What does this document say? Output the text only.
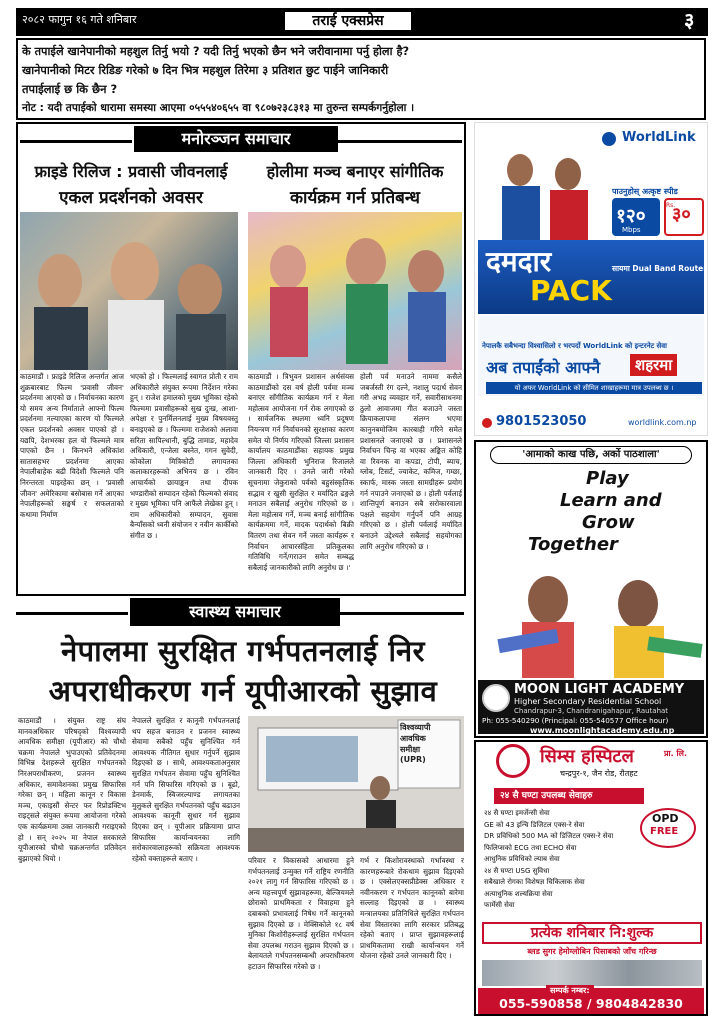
२०८२ फागुन १६ गते शनिबार	तराई एक्सप्रेस	३
के तपाईले खानेपानीको महशुल तिर्नु भयो ? यदी तिर्नु भएको छैन भने जरीवानामा पर्नु होला है?
खानेपानीको मिटर रिडिङ गरेको ७ दिन भित्र महशुल तिरेमा ३ प्रतिशत छुट पाईने जानिकारी
तपाईलाई छ कि छैन ?
नोट : यदी तपाईको धारामा समस्या आएमा ०५५५४०६५५ वा ९८०७२३८३१३ मा तुरुन्त सम्पर्कगर्नुहोला ।
मनोरञ्जन समाचार
फ्राइडे रिलिज : प्रवासी जीवनलाई
एकल प्रदर्शनको अवसर
होलीमा मञ्च बनाएर सांगीतिक
कार्यक्रम गर्न प्रतिबन्ध
काठमाडौं । फ्राइडे रिलिज अन्तर्गत आज शुक्रबारबाट फिल्म 'प्रवासी जीवन' प्रदर्शनमा आएको छ । निर्वाचनका कारण यो समय अन्य निर्माताले आफ्नो फिल्म प्रदर्शनमा नल्याएका कारण यो फिल्मले एकल प्रदर्शनको अवसर पाएको हो । यद्यपि, देशभरका हल यो फिल्मले मात्र पाएको छैन । किनभने अधिकांश सातासहभर प्रदर्शनमा आएका नेपालीबाहेक बढी विदेशी फिल्मले पनि निरन्तरता पाइरहेका छन् । 'प्रवासी जीवन' अमेरिकामा बसोबास गर्ने आएका नेपालीहरूको सङ्घर्ष र सफलताको कथामा निर्माण
भएको हो । फिल्मलाई स्वागत प्रोती र राम अधिकारीले संयुक्त रूपमा निर्देशन गरेका हुन् । राजेश हमालको मुख्य भूमिका रहेको फिल्ममा प्रवासीहरूको सुख दुःख, आशा-अपेक्षा र पुनर्मिलनलाई मुख्य विषयवस्तु बनाइएको छ । फिल्ममा राजेशको अलावा सरिता सापिल्धानी, बुद्धि तामाङ, महादेव अधिकारी, एन्जेला बस्नेत, गगन सुवेदी, कोकोला मित्रिकोटी लगायतका कलाकारहरूको अभिनय छ । रविन आचार्यको छायाङ्कन तथा दीपक भण्डारीको सम्पादन रहेको फिल्मको संवाद र मुख्य भूमिका पनि आफैंले लेखेका हुन् । राम अधिकारीको सम्पादन, सुवास बैन्याँसको ध्वनी संयोजन र नवीन कार्कीको संगीत छ ।
काठमाडौं । त्रिभुवन प्रशासन अर्थसंयस काठमाडौंको दस वर्ष होली पर्वमा मञ्च बनाएर साँगीतिक कार्यक्रम गर्न र मेला महोत्सव आयोजना गर्न रोक लगाएको छ । सार्वजनिक स्थलमा ध्वनि प्रदूषण नियन्त्रण गर्न निर्वाचनको सुरक्षाका कारण समेत यो निर्णय गरिएको जिल्ला प्रशासन कार्यालय काठमाडौंका सहायक प्रमुख जिल्ला अधिकारी भुनिराज रिजालले जानकारी दिए । उनले जारी गरेको सूचनामा जेकुराको पर्वको बहुसंस्कृतिक सद्भाव र खुसी सुरक्षित र मर्यादित ढङ्गले मनाउन सबैलाई अनुरोध गरिएको छ । मेला महोत्सव गर्ने, मञ्च बनाई सांगीतिक कार्यक्रममा गर्ने, मादक पदार्थको बिक्री वितरण तथा सेवन गर्ने जस्ता कार्यहरू र निर्वाचन आचारसंहिता प्रतिकूलका गतिविधि गर्ने/गराउन समेत सम्बद्ध सबैलाई जानकारीको लागि अनुरोध छ ।'
होली पर्व मनाउने नाममा कसैले जबर्जस्ती रंग दल्ने, नशालु पदार्थ सेवन गरी अभद्र व्यवहार गर्ने, सवारीसाधनमा ठुलो आवाजमा गीत बजाउने जस्ता क्रियाकलापमा संलग्न भएमा कानुनबमोजिम कारबाही गरिने समेत प्रशासनले जनाएको छ । प्रशासनले निर्वाचन चिन्ह वा भएका अङ्कित कोहि वा रिवनक वा कपडा, टोपी, ब्याच, ग्लोब, टिसर्ट, ज्याकेट, कमिज, गम्छा, स्कार्फ, मास्क जस्ता सामग्रीहरू प्रयोग गर्न नपाउने जनाएको छ । होली पर्वलाई शान्तिपूर्ण बनाउन सबै सरोकारवाला पक्षले सहयोग गर्नुपर्ने पनि आग्रह गरिएको छ । होली पर्वलाई मर्यादित बनाउने उद्देश्यले सबैलाई सहयोगका लागि अनुरोध गरिएको छ ।
स्वास्थ्य समाचार
नेपालमा सुरक्षित गर्भपतनलाई निर
अपराधीकरण गर्न यूपीआरको सुझाव
काठमाडौं । संयुक्त राष्ट्र संघ मानवअधिकार परिषद्को विश्वव्यापी आवधिक समीक्षा (यूपीआर) को चौथो चक्रमा नेपालले भुपाउएको प्रतिवेदनमा विभिन्न देशहरूले सुरक्षित गर्भपतनको निरअपराधीकरण, प्रजनन स्वास्थ्य अधिकार, समावेशनका प्रमुख सिफारिस गरेका छन् । महिला कानून र विकास मञ्च, एकाइसौं सेन्टर फर रिप्रोडक्टिभ राइट्सले संयुक्त रूपमा आयोजना गरेको एक कार्यक्रममा उक्त जानकारी गराइएको हो । सन् २०२५ मा नेपाल सरकारले यूपीआरको चौथो चक्रअन्तर्गत प्रतिवेदन बुझाएको थियो ।
नेपालले सुरक्षित र कानूनी गर्भपतनलाई थप सहज बनाउन र प्रजनन स्वास्थ्य सेवामा सबैको पहुँच सुनिश्चित गर्न आवश्यक नीतिगत सुधार गर्नुपर्ने सुझाव दिइएको छ । साथै, आवश्यकताअनुसार सुरक्षित गर्भपतन सेवामा पहुँच सुनिश्चित गर्न पनि सिफारिस गरिएको छ । बूढो, डेनमार्क, स्विजरल्याण्ड लगायतका मुलुकले सुरक्षित गर्भपतनको पहुँच बढाउन आवश्यक कानूनी सुधार गर्न सुझाव दिएका छन् । यूपीआर प्रक्रियामा प्राप्त सिफारिस कार्यान्वयनका लागि सरोकारवालाहरूको सक्रियता आवश्यक रहेको वक्ताहरूले बताए ।
विश्वव्यापी
आवधिक
समीक्षा
(UPR)
परिवार र विकासको आधारमा हुने गर्भपतनलाई उन्मुक्त गर्ने राष्ट्रिय रणनीति २०२१ लागु गर्न सिफारिस गरिएको छ । अन्य महत्त्वपूर्ण सुझावहरूमा, बेल्जियमले छोराको प्राथमिकता र विवाहमा हुने दबाबको प्रभावलाई निषेध गर्ने कानूनको सुझाव दिएको छ । मेक्सिकोले १८ वर्ष मुनिका किशोरीहरूलाई सुरक्षित गर्भपतन सेवा उपलब्ध गराउन सुझाव दिएको छ । बेलायतले गर्भपतनसम्बन्धी अपराधीकरण हटाउन सिफारिस गरेको छ ।
गर्भ र किशोरावस्थाको गर्भावस्था र कारणहरूबारे रोकथाम सुझाव दिइएको छ । एक्सेलएक्सप्रीडेक्स अधिकार र नवीनकरण र गर्भपतन कानूनको बारेमा सल्लाह दिइएको छ । स्वास्थ्य मन्त्रालयका प्रतिनिधिले सुरक्षित गर्भपतन सेवा विस्तारका लागि सरकार प्रतिबद्ध रहेको बताए । प्राप्त सुझावहरूलाई प्राथमिकतामा राखी कार्यान्वयन गर्ने योजना रहेको उनले जानकारी दिए ।
WorldLink
पाउनुहोस् अत्कृष्ट स्पीड
१२०
Mbps
३०
Rs.
दमदार
PACK
सायमा Dual Band Router पनि
नेपालकै सबैभन्दा विश्वासिलो र भरपर्दो WorldLink को इन्टरनेट सेवा
अब तपाईंको आफ्नै	शहरमा
यो अफर WorldLink को सीमित शाखाहरूमा मात्र उपलब्ध छ ।
9801523050	worldlink.com.np
'आमाको काख पछि, अर्को पाठशाला'
Play
Learn and
Grow
Together
MOON LIGHT ACADEMY
Higher Secondary Residential School
Chandrapur-3, Chandranigahapur, Rautahat
Ph: 055-540290 (Principal: 055-540577 Office hour)
www.moonlightacademy.edu.np
सिम्स हस्पिटल	प्रा. लि.
चन्द्रपुर-१, जैन रोड, रौतहट
२४ सै घण्टा उपलब्ध सेवाहरु
OPD
FREE
२४ सै घण्टा इमर्जेन्सी सेवा
GE को 43 इन्चि डिजिटल एक्स-रे सेवा
DR प्रविधिको 500 MA को डिजिटल एक्स-रे सेवा
फिलिप्सको ECG तथा ECHO सेवा
आधुनिक प्रविधिको ल्याब सेवा
२४ सै घण्टा USG सुविधा
सबैखाले रोगका विशेषज्ञ चिकित्सक सेवा
अत्याधुनिक शल्यक्रिया सेवा
फार्मेसी सेवा
प्रत्येक शनिबार नि:शुल्क
ब्लड सुगर हेमोग्लोबिन पिसाबको जाँच गरिन्छ
सम्पर्क नम्बर:
055-590858 / 9804842830
